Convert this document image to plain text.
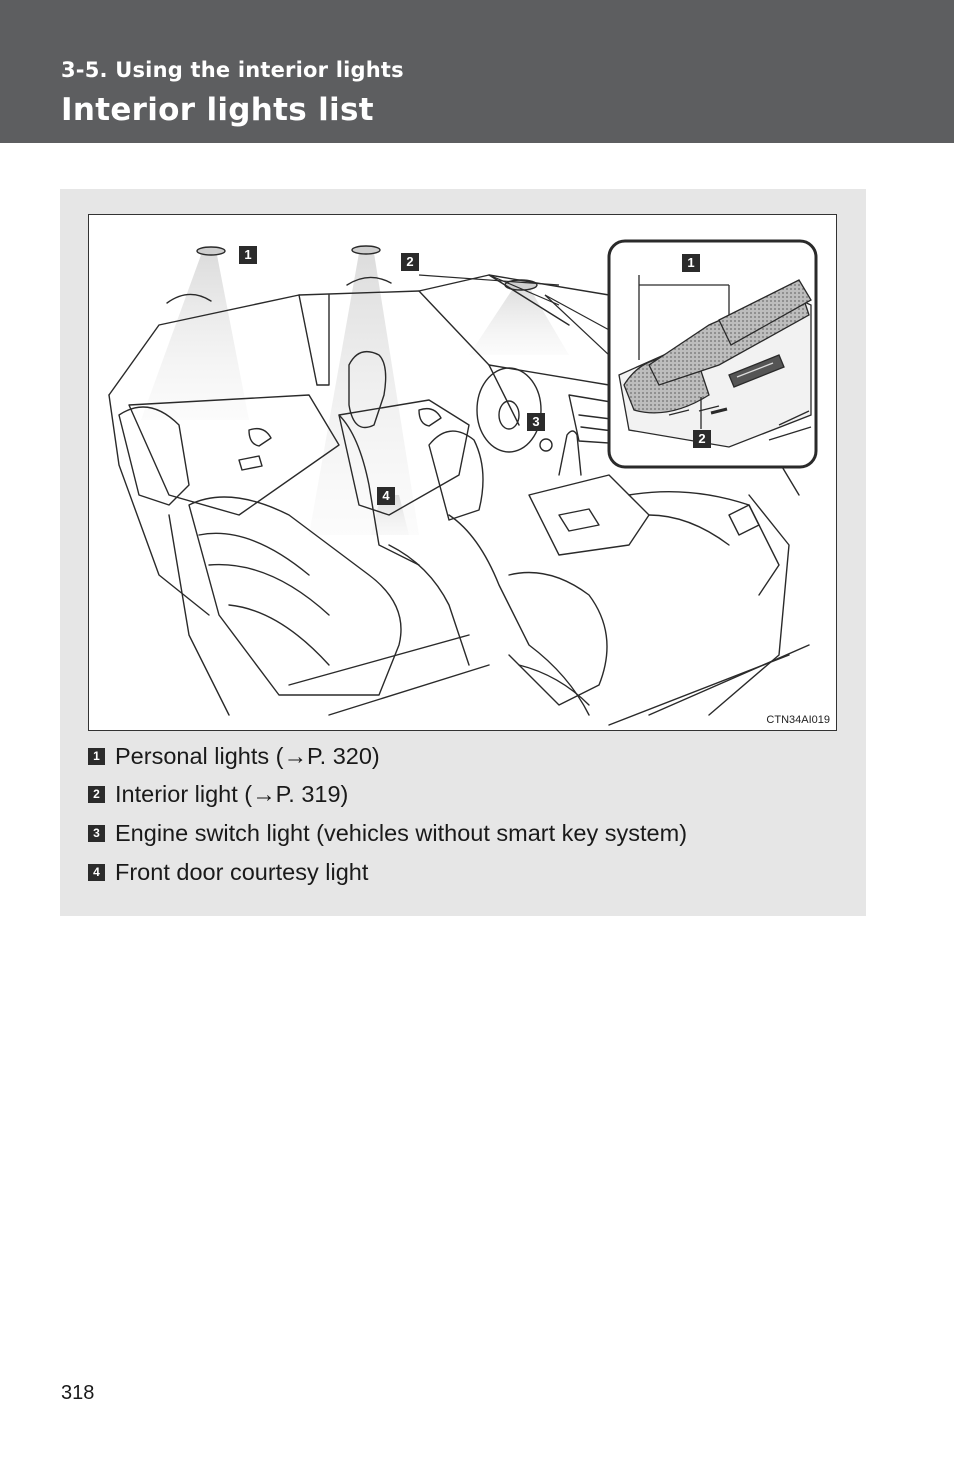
3-5. Using the interior lights
Interior lights list
1	2
3
4
1
2
CTN34AI019
1 Personal lights (→P. 320)
2 Interior light (→P. 319)
3 Engine switch light (vehicles without smart key system)
4 Front door courtesy light
318
